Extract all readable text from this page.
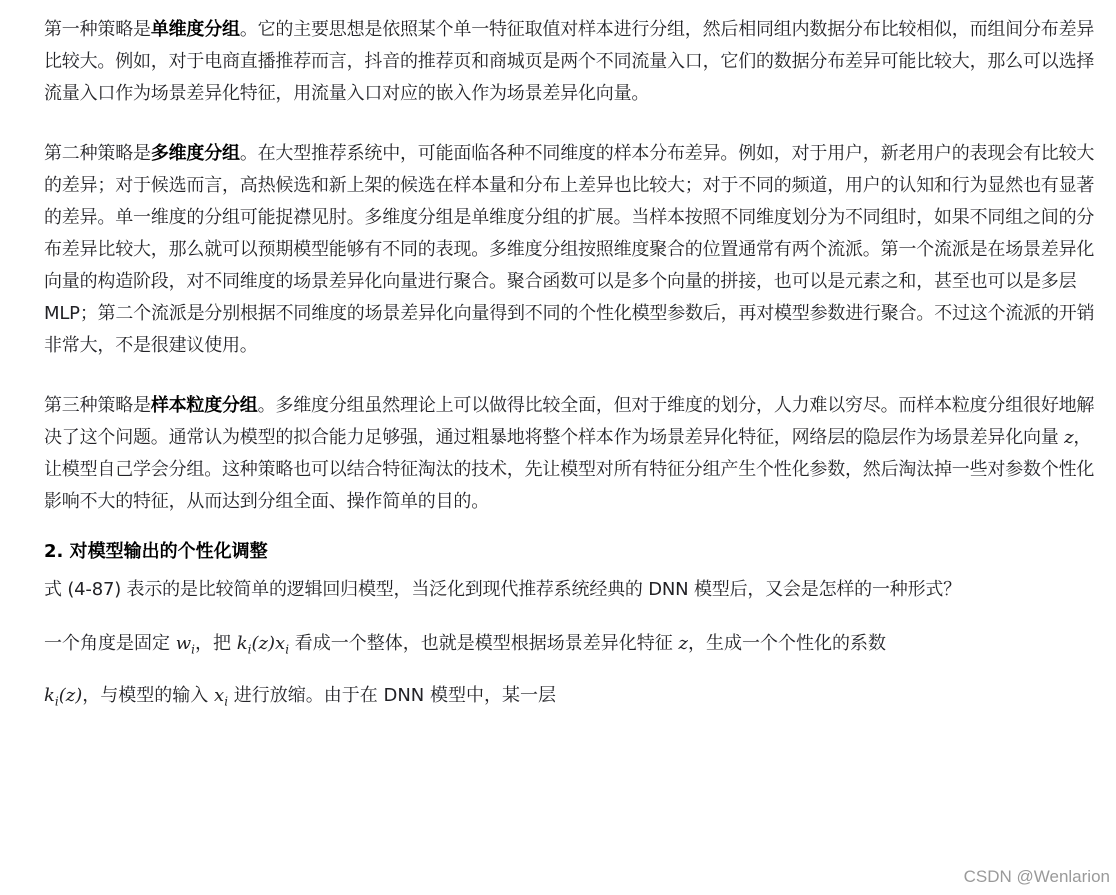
第一种策略是单维度分组。它的主要思想是依照某个单一特征取值对样本进行分组，然后相同组内数据分布比较相似，而组间分布差异比较大。例如，对于电商直播推荐而言，抖音的推荐页和商城页是两个不同流量入口，它们的数据分布差异可能比较大，那么可以选择流量入口作为场景差异化特征，用流量入口对应的嵌入作为场景差异化向量。

第二种策略是多维度分组。在大型推荐系统中，可能面临各种不同维度的样本分布差异。例如，对于用户，新老用户的表现会有比较大的差异；对于候选而言，高热候选和新上架的候选在样本量和分布上差异也比较大；对于不同的频道，用户的认知和行为显然也有显著的差异。单一维度的分组可能捉襟见肘。多维度分组是单维度分组的扩展。当样本按照不同维度划分为不同组时，如果不同组之间的分布差异比较大，那么就可以预期模型能够有不同的表现。多维度分组按照维度聚合的位置通常有两个流派。第一个流派是在场景差异化向量的构造阶段，对不同维度的场景差异化向量进行聚合。聚合函数可以是多个向量的拼接，也可以是元素之和，甚至也可以是多层MLP；第二个流派是分别根据不同维度的场景差异化向量得到不同的个性化模型参数后，再对模型参数进行聚合。不过这个流派的开销非常大，不是很建议使用。

第三种策略是样本粒度分组。多维度分组虽然理论上可以做得比较全面，但对于维度的划分，人力难以穷尽。而样本粒度分组很好地解决了这个问题。通常认为模型的拟合能力足够强，通过粗暴地将整个样本作为场景差异化特征，网络层的隐层作为场景差异化向量 z，让模型自己学会分组。这种策略也可以结合特征淘汰的技术，先让模型对所有特征分组产生个性化参数，然后淘汰掉一些对参数个性化影响不大的特征，从而达到分组全面、操作简单的目的。

2. 对模型输出的个性化调整

式 (4-87) 表示的是比较简单的逻辑回归模型，当泛化到现代推荐系统经典的 DNN 模型后，又会是怎样的一种形式？

一个角度是固定 $w_i$，把 $k_i(z)x_i$ 看成一个整体，也就是模型根据场景差异化特征 z，生成一个个性化的系数

$k_i(z)$，与模型的输入 $x_i$ 进行放缩。由于在 DNN 模型中，某一层

CSDN @Wenlarion
